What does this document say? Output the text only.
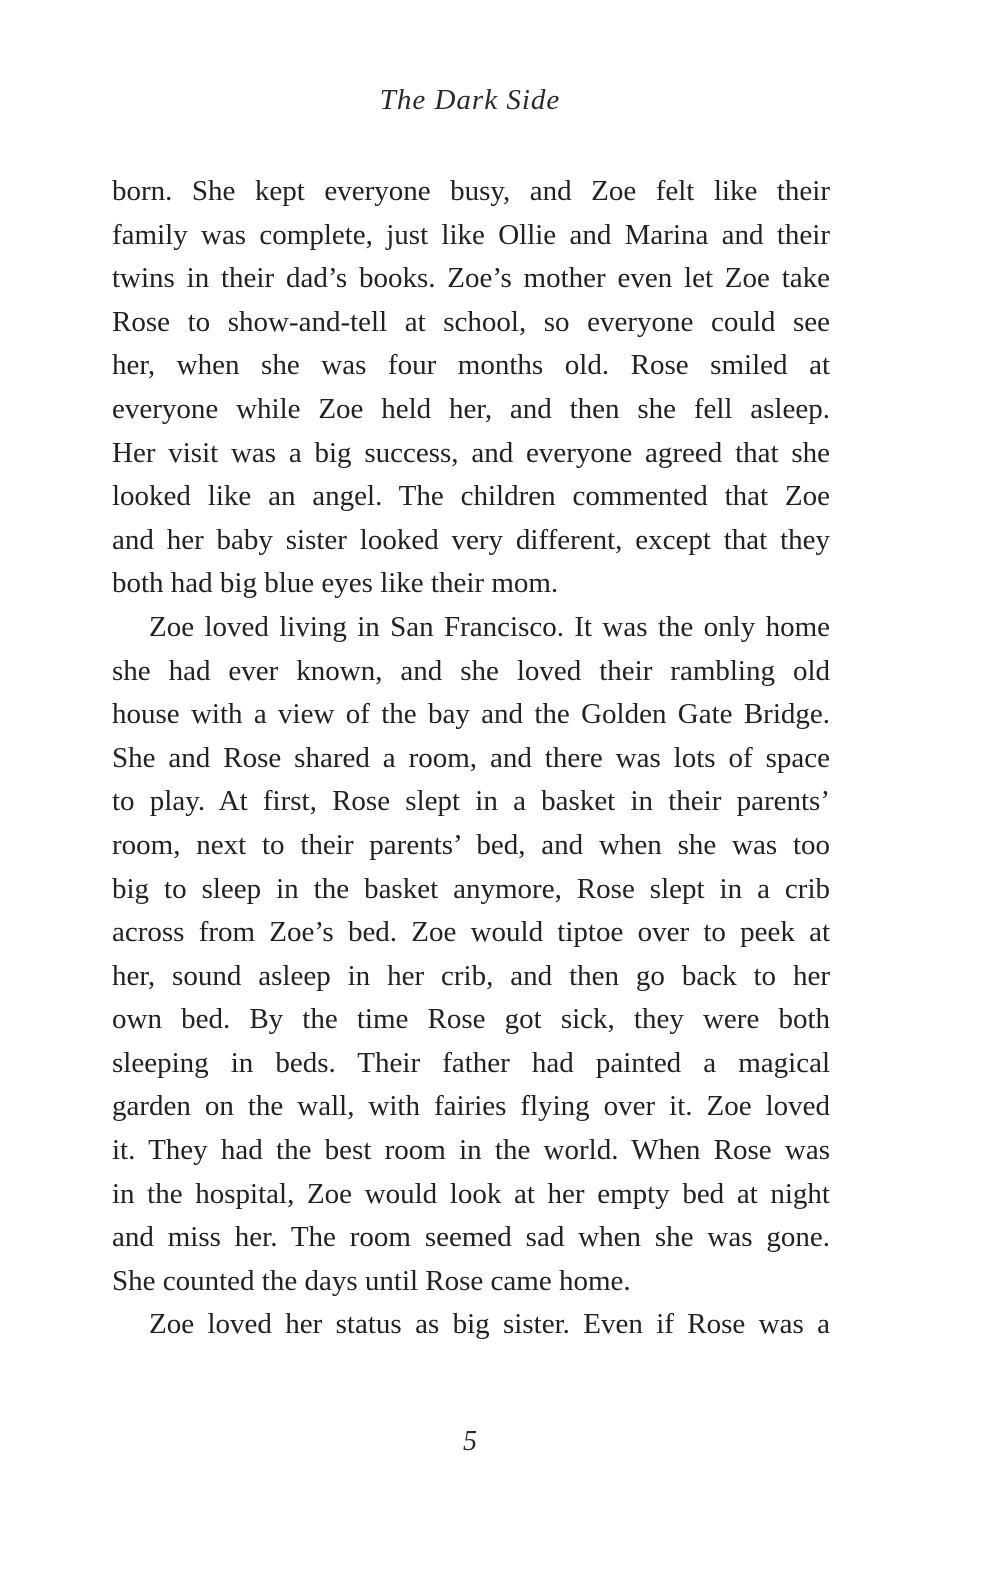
The Dark Side

born. She kept everyone busy, and Zoe felt like their
family was complete, just like Ollie and Marina and their
twins in their dad’s books. Zoe’s mother even let Zoe take
Rose to show-and-tell at school, so everyone could see
her, when she was four months old. Rose smiled at
everyone while Zoe held her, and then she fell asleep.
Her visit was a big success, and everyone agreed that she
looked like an angel. The children commented that Zoe
and her baby sister looked very different, except that they
both had big blue eyes like their mom.

Zoe loved living in San Francisco. It was the only home
she had ever known, and she loved their rambling old
house with a view of the bay and the Golden Gate Bridge.
She and Rose shared a room, and there was lots of space
to play. At first, Rose slept in a basket in their parents’
room, next to their parents’ bed, and when she was too
big to sleep in the basket anymore, Rose slept in a crib
across from Zoe’s bed. Zoe would tiptoe over to peek at
her, sound asleep in her crib, and then go back to her
own bed. By the time Rose got sick, they were both
sleeping in beds. Their father had painted a magical
garden on the wall, with fairies flying over it. Zoe loved
it. They had the best room in the world. When Rose was
in the hospital, Zoe would look at her empty bed at night
and miss her. The room seemed sad when she was gone.
She counted the days until Rose came home.

Zoe loved her status as big sister. Even if Rose was a

5
